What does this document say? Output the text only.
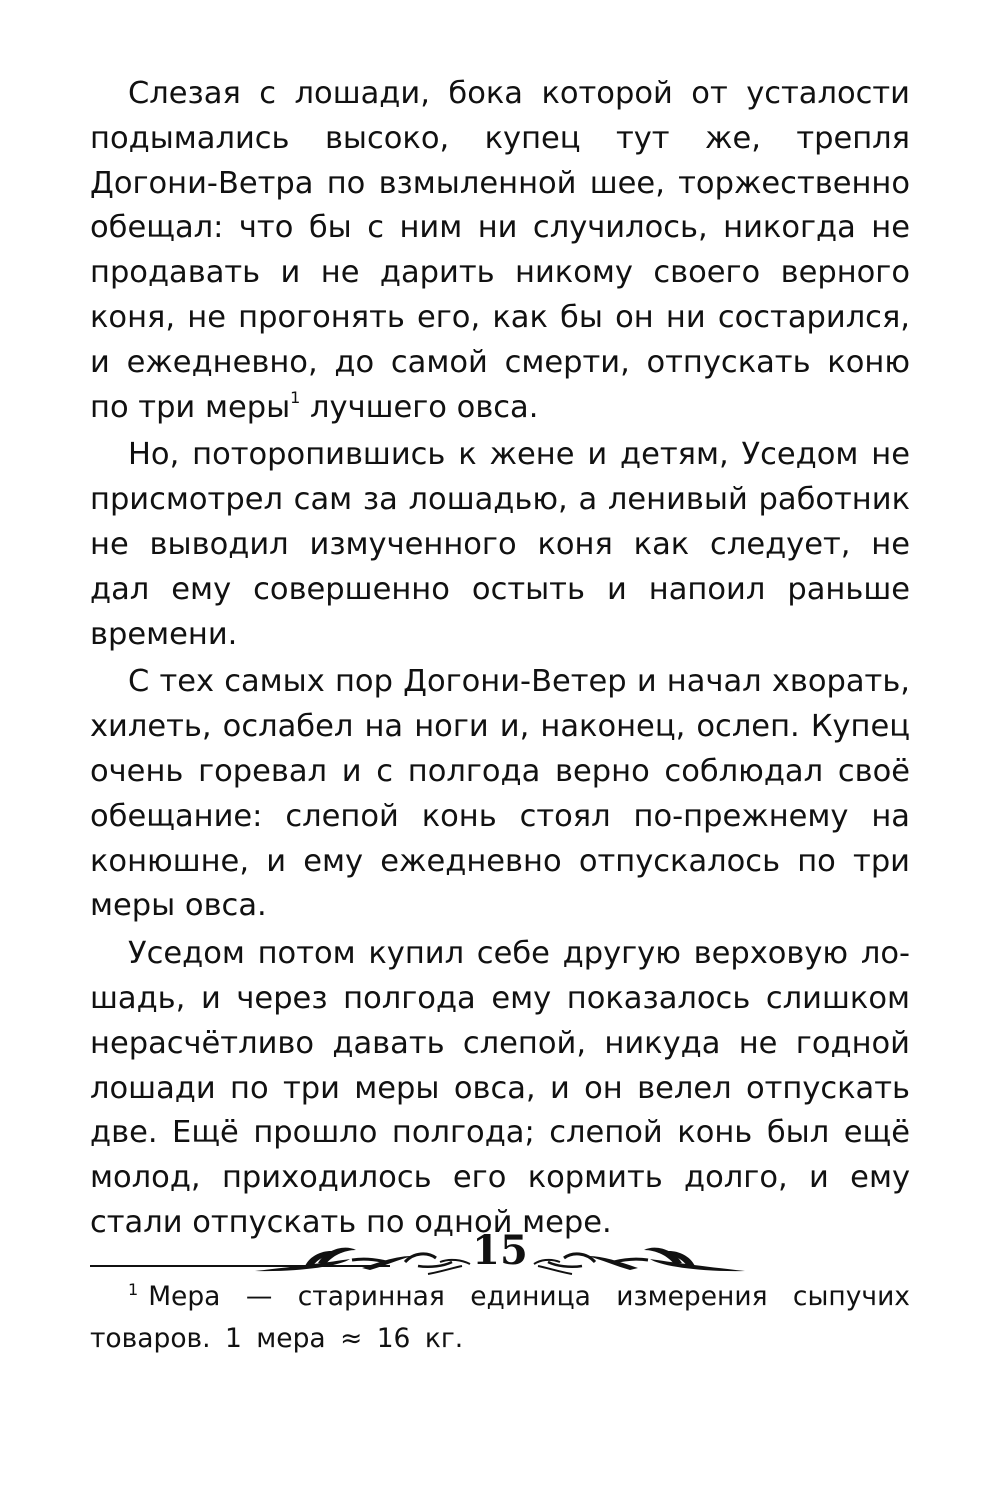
Слезая с лошади, бока которой от усталости подымались высоко, купец тут же, трепля Догони-Ветра по взмыленной шее, торжественно обещал: что бы с ним ни случилось, никогда не продавать и не дарить никому своего верного коня, не прогонять его, как бы он ни состарился, и ежедневно, до самой смерти, отпускать коню по три меры$^1$ лучшего овса.

Но, поторопившись к жене и детям, Уседом не присмотрел сам за лошадью, а ленивый работник не выводил измученного коня как следует, не дал ему совершенно остыть и напоил раньше времени.

С тех самых пор Догони-Ветер и начал хворать, хилеть, ослабел на ноги и, наконец, ослеп. Купец очень горевал и с полгода верно соблюдал своё обещание: слепой конь стоял по-прежнему на конюшне, и ему ежедневно отпускалось по три меры овса.

Уседом потом купил себе другую верховую лошадь, и через полгода ему показалось слишком нерасчётливо давать слепой, никуда не годной лошади по три меры овса, и он велел отпускать две. Ещё прошло полгода; слепой конь был ещё молод, приходилось его кормить долго, и ему стали отпускать по одной мере.

$^1$ Мера — старинная единица измерения сыпучих товаров. 1 мера ≈ 16 кг.
15
